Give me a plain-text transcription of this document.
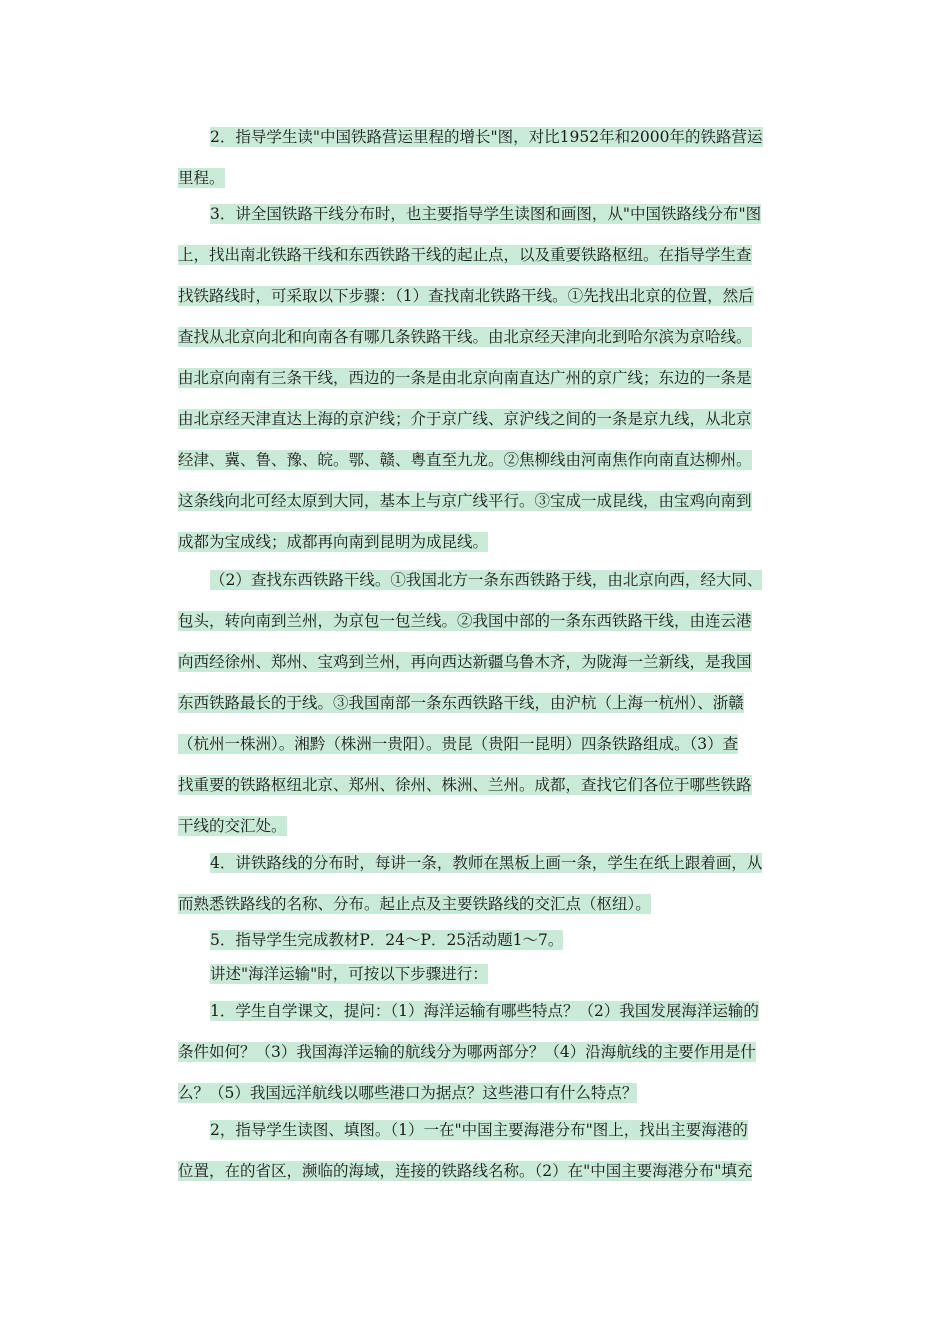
2．指导学生读"中国铁路营运里程的增长"图，对比1952年和2000年的铁路营运
里程。
3．讲全国铁路干线分布时，也主要指导学生读图和画图，从"中国铁路线分布"图
上，找出南北铁路干线和东西铁路干线的起止点，以及重要铁路枢纽。在指导学生查
找铁路线时，可采取以下步骤：（1）查找南北铁路干线。①先找出北京的位置，然后
查找从北京向北和向南各有哪几条铁路干线。由北京经天津向北到哈尔滨为京哈线。
由北京向南有三条干线，西边的一条是由北京向南直达广州的京广线；东边的一条是
由北京经天津直达上海的京沪线；介于京广线、京沪线之间的一条是京九线，从北京
经津、冀、鲁、豫、皖。鄂、赣、粤直至九龙。②焦柳线由河南焦作向南直达柳州。
这条线向北可经太原到大同，基本上与京广线平行。③宝成一成昆线，由宝鸡向南到
成都为宝成线；成都再向南到昆明为成昆线。
（2）查找东西铁路干线。①我国北方一条东西铁路于线，由北京向西，经大同、
包头，转向南到兰州，为京包一包兰线。②我国中部的一条东西铁路干线，由连云港
向西经徐州、郑州、宝鸡到兰州，再向西达新疆乌鲁木齐，为陇海一兰新线，是我国
东西铁路最长的于线。③我国南部一条东西铁路干线，由沪杭（上海一杭州）、浙赣
（杭州一株洲）。湘黔（株洲一贵阳）。贵昆（贵阳一昆明）四条铁路组成。（3）查
找重要的铁路枢纽北京、郑州、徐州、株洲、兰州。成都，查找它们各位于哪些铁路
干线的交汇处。
4．讲铁路线的分布时，每讲一条，教师在黑板上画一条，学生在纸上跟着画，从
而熟悉铁路线的名称、分布。起止点及主要铁路线的交汇点（枢纽）。
5．指导学生完成教材P．24～P．25活动题1～7。
讲述"海洋运输"时，可按以下步骤进行：
1．学生自学课文，提问：（1）海洋运输有哪些特点？（2）我国发展海洋运输的
条件如何？（3）我国海洋运输的航线分为哪两部分？（4）沿海航线的主要作用是什
么？（5）我国远洋航线以哪些港口为据点？这些港口有什么特点？
2，指导学生读图、填图。（1）一在"中国主要海港分布"图上，找出主要海港的
位置，在的省区，濒临的海域，连接的铁路线名称。（2）在"中国主要海港分布"填充
